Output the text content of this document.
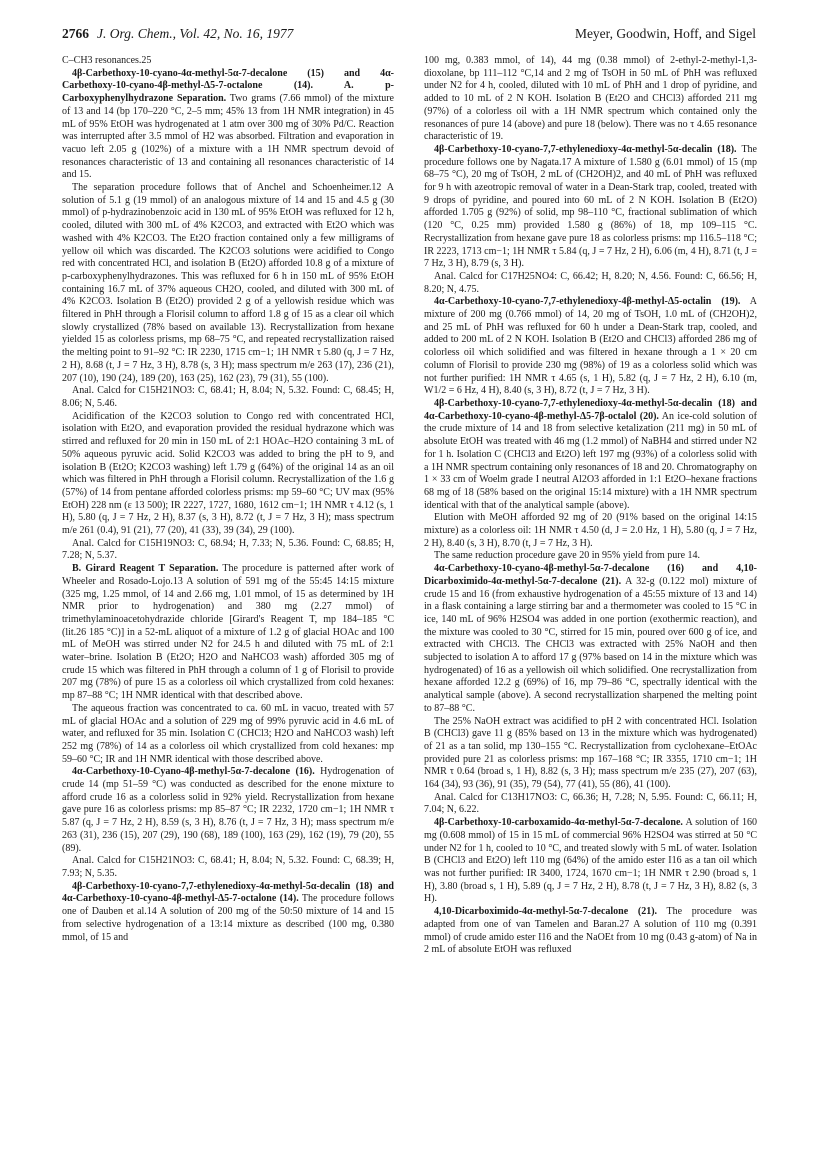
2766 J. Org. Chem., Vol. 42, No. 16, 1977	Meyer, Goodwin, Hoff, and Sigel

C–CH3 resonances.25

4β-Carbethoxy-10-cyano-4α-methyl-5α-7-decalone (15) and 4α-Carbethoxy-10-cyano-4β-methyl-Δ5-7-octalone (14). A. p-Carboxyphenylhydrazone Separation. Two grams (7.66 mmol) of the mixture of 13 and 14 (bp 170–220 °C, 2–5 mm; 45% 13 from 1H NMR integration) in 45 mL of 95% EtOH was hydrogenated at 1 atm over 300 mg of 30% Pd/C. Reaction was interrupted after 3.5 mmol of H2 was absorbed. Filtration and evaporation in vacuo left 2.05 g (102%) of a mixture with a 1H NMR spectrum devoid of resonances characteristic of 13 and containing all resonances characteristic of 14 and 15.

The separation procedure follows that of Anchel and Schoenheimer.12 A solution of 5.1 g (19 mmol) of an analogous mixture of 14 and 15 and 4.5 g (30 mmol) of p-hydrazinobenzoic acid in 130 mL of 95% EtOH was refluxed for 12 h, cooled, diluted with 300 mL of 4% K2CO3, and extracted with Et2O which was washed with 4% K2CO3. The Et2O fraction contained only a few milligrams of yellow oil which was discarded. The K2CO3 solutions were acidified to Congo red with concentrated HCl, and isolation B (Et2O) afforded 10.8 g of a mixture of p-carboxyphenylhydrazones. This was refluxed for 6 h in 150 mL of 95% EtOH containing 16.7 mL of 37% aqueous CH2O, cooled, and diluted with 300 mL of 4% K2CO3. Isolation B (Et2O) provided 2 g of a yellowish residue which was filtered in PhH through a Florisil column to afford 1.8 g of 15 as a clear oil which slowly crystallized (78% based on available 13). Recrystallization from hexane yielded 15 as colorless prisms, mp 68–75 °C, and repeated recrystallization raised the melting point to 91–92 °C: IR 2230, 1715 cm−1; 1H NMR τ 5.80 (q, J = 7 Hz, 2 H), 8.68 (t, J = 7 Hz, 3 H), 8.78 (s, 3 H); mass spectrum m/e 263 (17), 236 (21), 207 (10), 190 (24), 189 (20), 163 (25), 162 (23), 79 (31), 55 (100).

Anal. Calcd for C15H21NO3: C, 68.41; H, 8.04; N, 5.32. Found: C, 68.45; H, 8.06; N, 5.46.

Acidification of the K2CO3 solution to Congo red with concentrated HCl, isolation with Et2O, and evaporation provided the residual hydrazone which was stirred and refluxed for 20 min in 150 mL of 2:1 HOAc–H2O containing 3 mL of 50% aqueous pyruvic acid. Solid K2CO3 was added to bring the pH to 9, and isolation B (Et2O; K2CO3 washing) left 1.79 g (64%) of the original 14 as an oil which was filtered in PhH through a Florisil column. Recrystallization of the 1.6 g (57%) of 14 from pentane afforded colorless prisms: mp 59–60 °C; UV max (95% EtOH) 228 nm (ε 13 500); IR 2227, 1727, 1680, 1612 cm−1; 1H NMR τ 4.12 (s, 1 H), 5.80 (q, J = 7 Hz, 2 H), 8.37 (s, 3 H), 8.72 (t, J = 7 Hz, 3 H); mass spectrum m/e 261 (0.4), 91 (21), 77 (20), 41 (33), 39 (34), 29 (100).

Anal. Calcd for C15H19NO3: C, 68.94; H, 7.33; N, 5.36. Found: C, 68.85; H, 7.28; N, 5.37.

B. Girard Reagent T Separation. The procedure is patterned after work of Wheeler and Rosado-Lojo.13 A solution of 591 mg of the 55:45 14:15 mixture (325 mg, 1.25 mmol, of 14 and 2.66 mg, 1.01 mmol, of 15 as determined by 1H NMR prior to hydrogenation) and 380 mg (2.27 mmol) of trimethylaminoacetohydrazide chloride [Girard's Reagent T, mp 184–185 °C (lit.26 185 °C)] in a 52-mL aliquot of a mixture of 1.2 g of glacial HOAc and 100 mL of MeOH was stirred under N2 for 24.5 h and diluted with 75 mL of 2:1 water–brine. Isolation B (Et2O; H2O and NaHCO3 wash) afforded 305 mg of crude 15 which was filtered in PhH through a column of 1 g of Florisil to provide 207 mg (78%) of pure 15 as a colorless oil which crystallized from cold hexanes: mp 87–88 °C; 1H NMR identical with that described above.

The aqueous fraction was concentrated to ca. 60 mL in vacuo, treated with 57 mL of glacial HOAc and a solution of 229 mg of 99% pyruvic acid in 4.6 mL of water, and refluxed for 35 min. Isolation C (CHCl3; H2O and NaHCO3 wash) left 252 mg (78%) of 14 as a colorless oil which crystallized from cold hexanes: mp 59–60 °C; IR and 1H NMR identical with those described above.

4α-Carbethoxy-10-Cyano-4β-methyl-5α-7-decalone (16). Hydrogenation of crude 14 (mp 51–59 °C) was conducted as described for the enone mixture to afford crude 16 as a colorless solid in 92% yield. Recrystallization from hexane gave pure 16 as colorless prisms: mp 85–87 °C; IR 2232, 1720 cm−1; 1H NMR τ 5.87 (q, J = 7 Hz, 2 H), 8.59 (s, 3 H), 8.76 (t, J = 7 Hz, 3 H); mass spectrum m/e 263 (31), 236 (15), 207 (29), 190 (68), 189 (100), 163 (29), 162 (19), 79 (20), 55 (89).

Anal. Calcd for C15H21NO3: C, 68.41; H, 8.04; N, 5.32. Found: C, 68.39; H, 7.93; N, 5.35.

4β-Carbethoxy-10-cyano-7,7-ethylenedioxy-4α-methyl-5α-decalin (18) and 4α-Carbethoxy-10-cyano-4β-methyl-Δ5-7-octalone (14). The procedure follows one of Dauben et al.14 A solution of 200 mg of the 50:50 mixture of 14 and 15 from selective hydrogenation of a 13:14 mixture as described (100 mg, 0.380 mmol, of 15 and

100 mg, 0.383 mmol, of 14), 44 mg (0.38 mmol) of 2-ethyl-2-methyl-1,3-dioxolane, bp 111–112 °C,14 and 2 mg of TsOH in 50 mL of PhH was refluxed under N2 for 4 h, cooled, diluted with 10 mL of PhH and 1 drop of pyridine, and added to 10 mL of 2 N KOH. Isolation B (Et2O and CHCl3) afforded 211 mg (97%) of a colorless oil with a 1H NMR spectrum which contained only the resonances of pure 14 (above) and pure 18 (below). There was no τ 4.65 resonance characteristic of 19.

4β-Carbethoxy-10-cyano-7,7-ethylenedioxy-4α-methyl-5α-decalin (18). The procedure follows one by Nagata.17 A mixture of 1.580 g (6.01 mmol) of 15 (mp 68–75 °C), 20 mg of TsOH, 2 mL of (CH2OH)2, and 40 mL of PhH was refluxed for 9 h with azeotropic removal of water in a Dean-Stark trap, cooled, treated with 9 drops of pyridine, and poured into 60 mL of 2 N KOH. Isolation B (Et2O) afforded 1.705 g (92%) of solid, mp 98–110 °C, fractional sublimation of which (120 °C, 0.25 mm) provided 1.580 g (86%) of 18, mp 109–115 °C. Recrystallization from hexane gave pure 18 as colorless prisms: mp 116.5–118 °C; IR 2223, 1713 cm−1; 1H NMR τ 5.84 (q, J = 7 Hz, 2 H), 6.06 (m, 4 H), 8.71 (t, J = 7 Hz, 3 H), 8.79 (s, 3 H).

Anal. Calcd for C17H25NO4: C, 66.42; H, 8.20; N, 4.56. Found: C, 66.56; H, 8.20; N, 4.75.

4α-Carbethoxy-10-cyano-7,7-ethylenedioxy-4β-methyl-Δ5-octalin (19). A mixture of 200 mg (0.766 mmol) of 14, 20 mg of TsOH, 1.0 mL of (CH2OH)2, and 25 mL of PhH was refluxed for 60 h under a Dean-Stark trap, cooled, and added to 200 mL of 2 N KOH. Isolation B (Et2O and CHCl3) afforded 286 mg of colorless oil which solidified and was filtered in hexane through a 1 × 20 cm column of Florisil to provide 230 mg (98%) of 19 as a colorless solid which was not further purified: 1H NMR τ 4.65 (s, 1 H), 5.82 (q, J = 7 Hz, 2 H), 6.10 (m, W1/2 = 6 Hz, 4 H), 8.40 (s, 3 H), 8.72 (t, J = 7 Hz, 3 H).

4β-Carbethoxy-10-cyano-7,7-ethylenedioxy-4α-methyl-5α-decalin (18) and 4α-Carbethoxy-10-cyano-4β-methyl-Δ5-7β-octalol (20). An ice-cold solution of the crude mixture of 14 and 18 from selective ketalization (211 mg) in 50 mL of absolute EtOH was treated with 46 mg (1.2 mmol) of NaBH4 and stirred under N2 for 1 h. Isolation C (CHCl3 and Et2O) left 197 mg (93%) of a colorless solid with a 1H NMR spectrum containing only resonances of 18 and 20. Chromatography on 1 × 33 cm of Woelm grade I neutral Al2O3 afforded in 1:1 Et2O–hexane fractions 68 mg of 18 (58% based on the original 15:14 mixture) with a 1H NMR spectrum identical with that of the analytical sample (above).

Elution with MeOH afforded 92 mg of 20 (91% based on the original 14:15 mixture) as a colorless oil: 1H NMR τ 4.50 (d, J = 2.0 Hz, 1 H), 5.80 (q, J = 7 Hz, 2 H), 8.40 (s, 3 H), 8.70 (t, J = 7 Hz, 3 H).

The same reduction procedure gave 20 in 95% yield from pure 14.

4α-Carbethoxy-10-cyano-4β-methyl-5α-7-decalone (16) and 4,10-Dicarboximido-4α-methyl-5α-7-decalone (21). A 32-g (0.122 mol) mixture of crude 15 and 16 (from exhaustive hydrogenation of a 45:55 mixture of 13 and 14) in a flask containing a large stirring bar and a thermometer was cooled to 15 °C in ice, 140 mL of 96% H2SO4 was added in one portion (exothermic reaction), and the mixture was cooled to 30 °C, stirred for 15 min, poured over 600 g of ice, and extracted with CHCl3. The CHCl3 was extracted with 25% NaOH and then subjected to isolation A to afford 17 g (97% based on 14 in the mixture which was hydrogenated) of 16 as a yellowish oil which solidified. One recrystallization from hexane afforded 12.2 g (69%) of 16, mp 79–86 °C, spectrally identical with the analytical sample (above). A second recrystallization sharpened the melting point to 87–88 °C.

The 25% NaOH extract was acidified to pH 2 with concentrated HCl. Isolation B (CHCl3) gave 11 g (85% based on 13 in the mixture which was hydrogenated) of 21 as a tan solid, mp 130–155 °C. Recrystallization from cyclohexane–EtOAc provided pure 21 as colorless prisms: mp 167–168 °C; IR 3355, 1710 cm−1; 1H NMR τ 0.64 (broad s, 1 H), 8.82 (s, 3 H); mass spectrum m/e 235 (27), 207 (63), 164 (34), 93 (36), 91 (35), 79 (54), 77 (41), 55 (86), 41 (100).

Anal. Calcd for C13H17NO3: C, 66.36; H, 7.28; N, 5.95. Found: C, 66.11; H, 7.04; N, 6.22.

4β-Carbethoxy-10-carboxamido-4α-methyl-5α-7-decalone. A solution of 160 mg (0.608 mmol) of 15 in 15 mL of commercial 96% H2SO4 was stirred at 50 °C under N2 for 1 h, cooled to 10 °C, and treated slowly with 5 mL of water. Isolation B (CHCl3 and Et2O) left 110 mg (64%) of the amido ester I16 as a tan oil which was not further purified: IR 3400, 1724, 1670 cm−1; 1H NMR τ 2.90 (broad s, 1 H), 3.80 (broad s, 1 H), 5.89 (q, J = 7 Hz, 2 H), 8.78 (t, J = 7 Hz, 3 H), 8.82 (s, 3 H).

4,10-Dicarboximido-4α-methyl-5α-7-decalone (21). The procedure was adapted from one of van Tamelen and Baran.27 A solution of 110 mg (0.391 mmol) of crude amido ester I16 and the NaOEt from 10 mg (0.43 g-atom) of Na in 2 mL of absolute EtOH was refluxed
